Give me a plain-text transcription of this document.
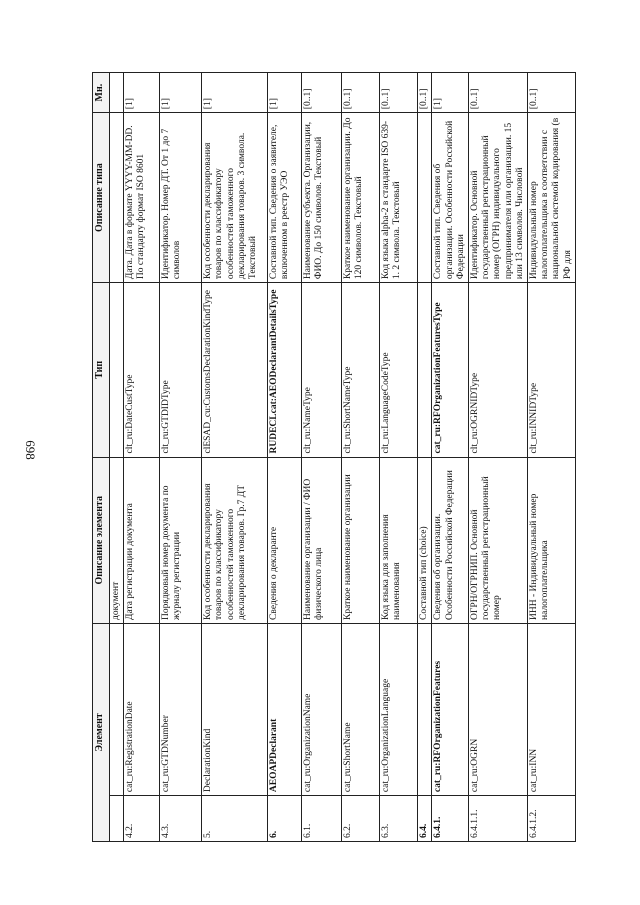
698
Элемент		Описание элемента	Тип	Описание типа	Мн.
		документ			
4.2.	cat_ru:RegistrationDate	Дата регистрации документа	clt_ru:DateCustType	Дата. Дата в формате YYYY-MM-DD. По стандарту формат ISO 8601	[1]
4.3.	cat_ru:GTDNumber	Порядковый номер документа по журналу регистрации	clt_ru:GTDIDType	Идентификатор. Номер ДТ. От 1 до 7 символов	[1]
5.	DeclarationKind	Код особенности декларирования товаров по классификатору особенностей таможенного декларирования товаров. Гр.7 ДТ	clESAD_cu:CustomsDeclarationKindType	Код особенности декларирования товаров по классификатору особенностей таможенного декларирования товаров. 3 символа. Текстовый	[1]
6.	AEOAPDeclarant	Сведения о декларанте	RUDECLcat:AEODeclarantDetailsType	Составной тип. Сведения о заявителе, включенном в реестр УЭО	[1]
6.1.	cat_ru:OrganizationName	Наименование организации / ФИО физического лица	clt_ru:NameType	Наименование субъекта. Организации, ФИО. До 150 символов. Текстовый	[0..1]
6.2.	cat_ru:ShortName	Краткое наименование организации	clt_ru:ShortNameType	Краткое наименование организации. До 120 символов. Текстовый	[0..1]
6.3.	cat_ru:OrganizationLanguage	Код языка для заполнения наименования	clt_ru:LanguageCodeType	Код языка alpha-2 в стандарте ISO 639-1. 2 символа. Текстовый	[0..1]
6.4.		Составной тип (choice)			[0..1]
6.4.1.	cat_ru:RFOrganizationFeatures	Сведения об организации. Особенности Российской Федерации	cat_ru:RFOrganizationFeaturesType	Составной тип. Сведения об организации. Особенности Российской Федерации	[1]
6.4.1.1.	cat_ru:OGRN	ОГРН/ОГРНИП. Основной государственный регистрационный номер	clt_ru:OGRNIDType	Идентификатор. Основной государственный регистрационный номер (ОГРН) индивидуального предпринимателя или организации. 15 или 13 символов. Числовой	[0..1]
6.4.1.2.	cat_ru:INN	ИНН - Индивидуальный номер налогоплательщика	clt_ru:INNIDType	Индивидуальный номер налогоплательщика в соответствии с национальной системой кодирования (в РФ для	[0..1]
